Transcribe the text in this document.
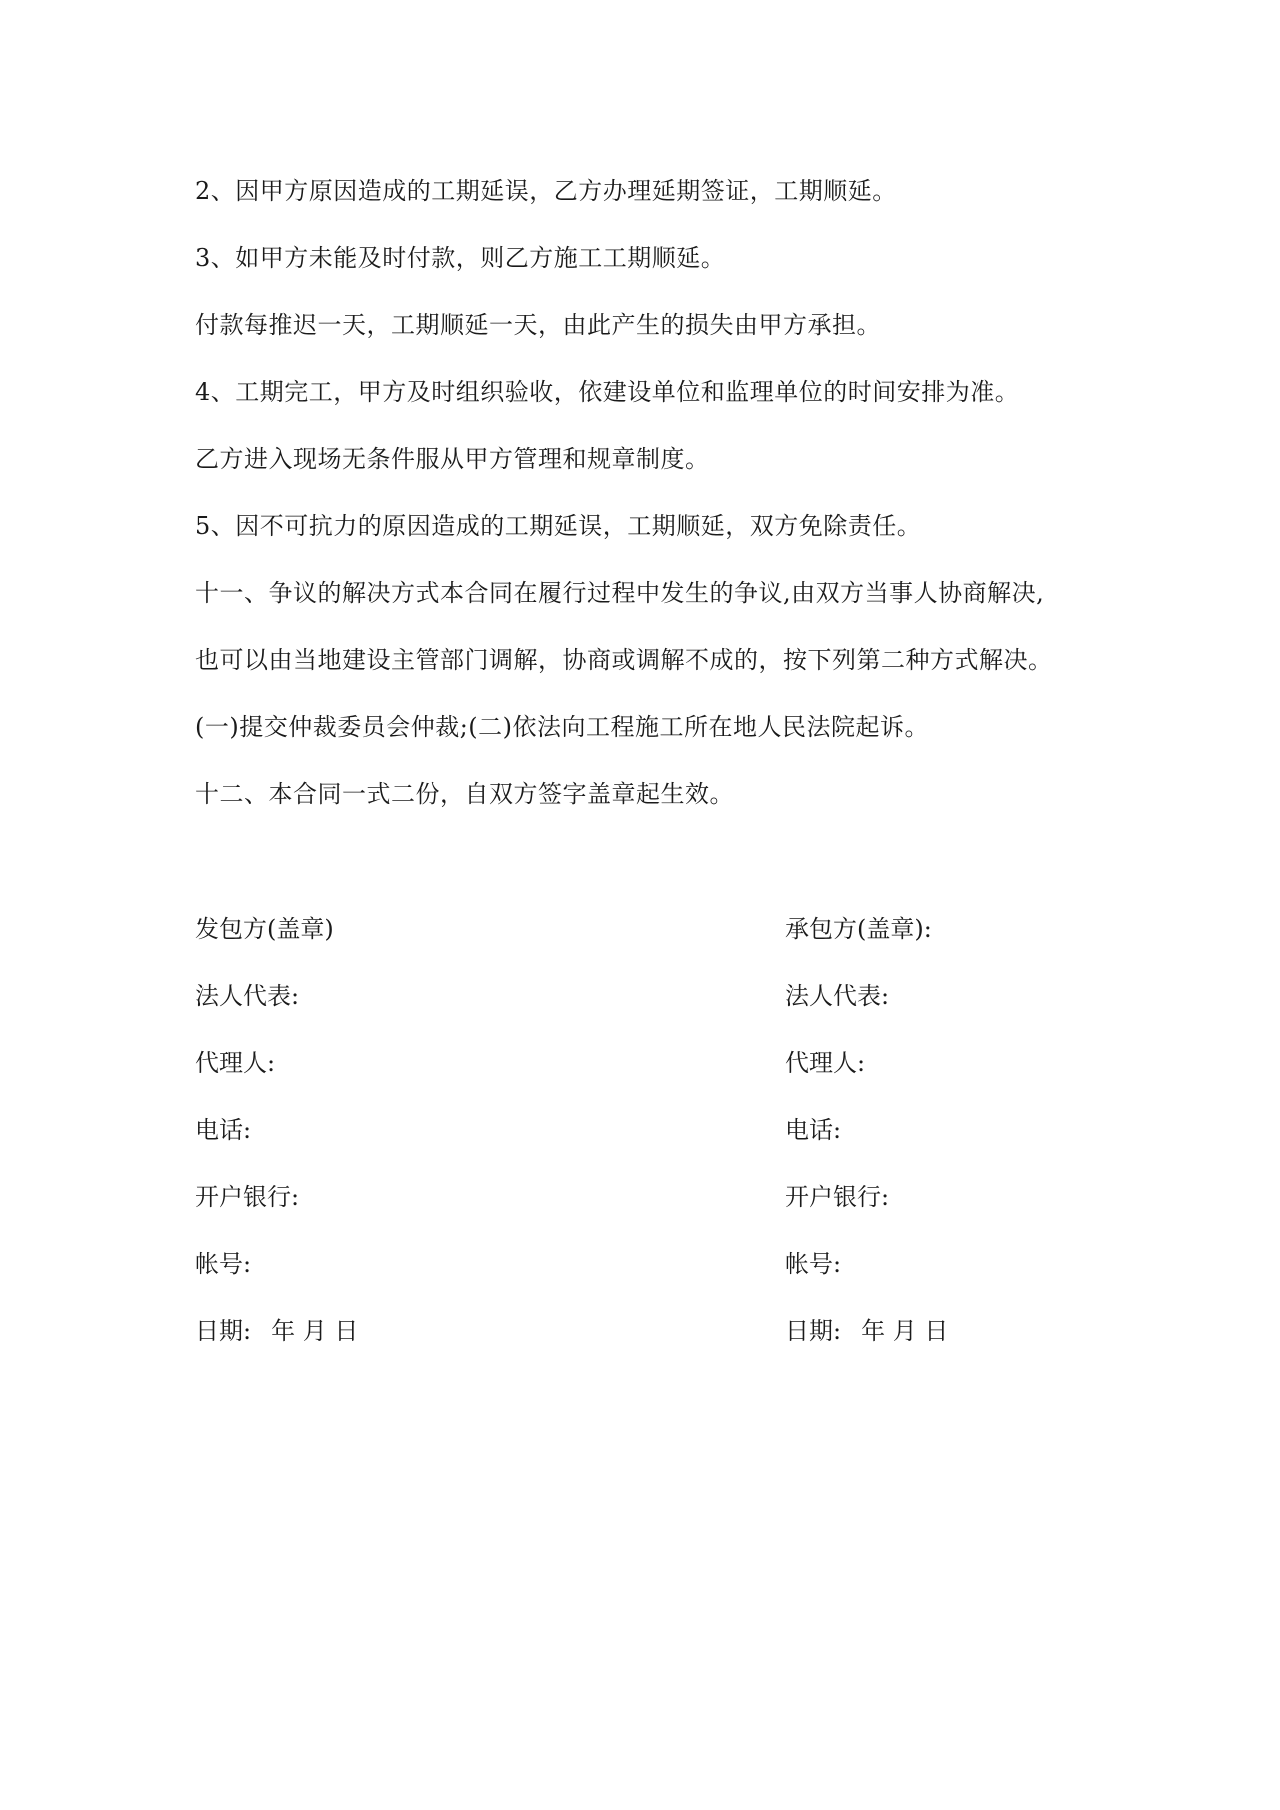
2、因甲方原因造成的工期延误，乙方办理延期签证，工期顺延。
3、如甲方未能及时付款，则乙方施工工期顺延。
付款每推迟一天，工期顺延一天，由此产生的损失由甲方承担。
4、工期完工，甲方及时组织验收，依建设单位和监理单位的时间安排为准。
乙方进入现场无条件服从甲方管理和规章制度。
5、因不可抗力的原因造成的工期延误，工期顺延，双方免除责任。
十一、争议的解决方式本合同在履行过程中发生的争议,由双方当事人协商解决,
也可以由当地建设主管部门调解，协商或调解不成的，按下列第二种方式解决。
(一)提交仲裁委员会仲裁;(二)依法向工程施工所在地人民法院起诉。
十二、本合同一式二份，自双方签字盖章起生效。
发包方(盖章)
法人代表:
代理人:
电话:
开户银行:
帐号:
日期: 年 月 日
承包方(盖章):
法人代表:
代理人:
电话:
开户银行:
帐号:
日期: 年 月 日
